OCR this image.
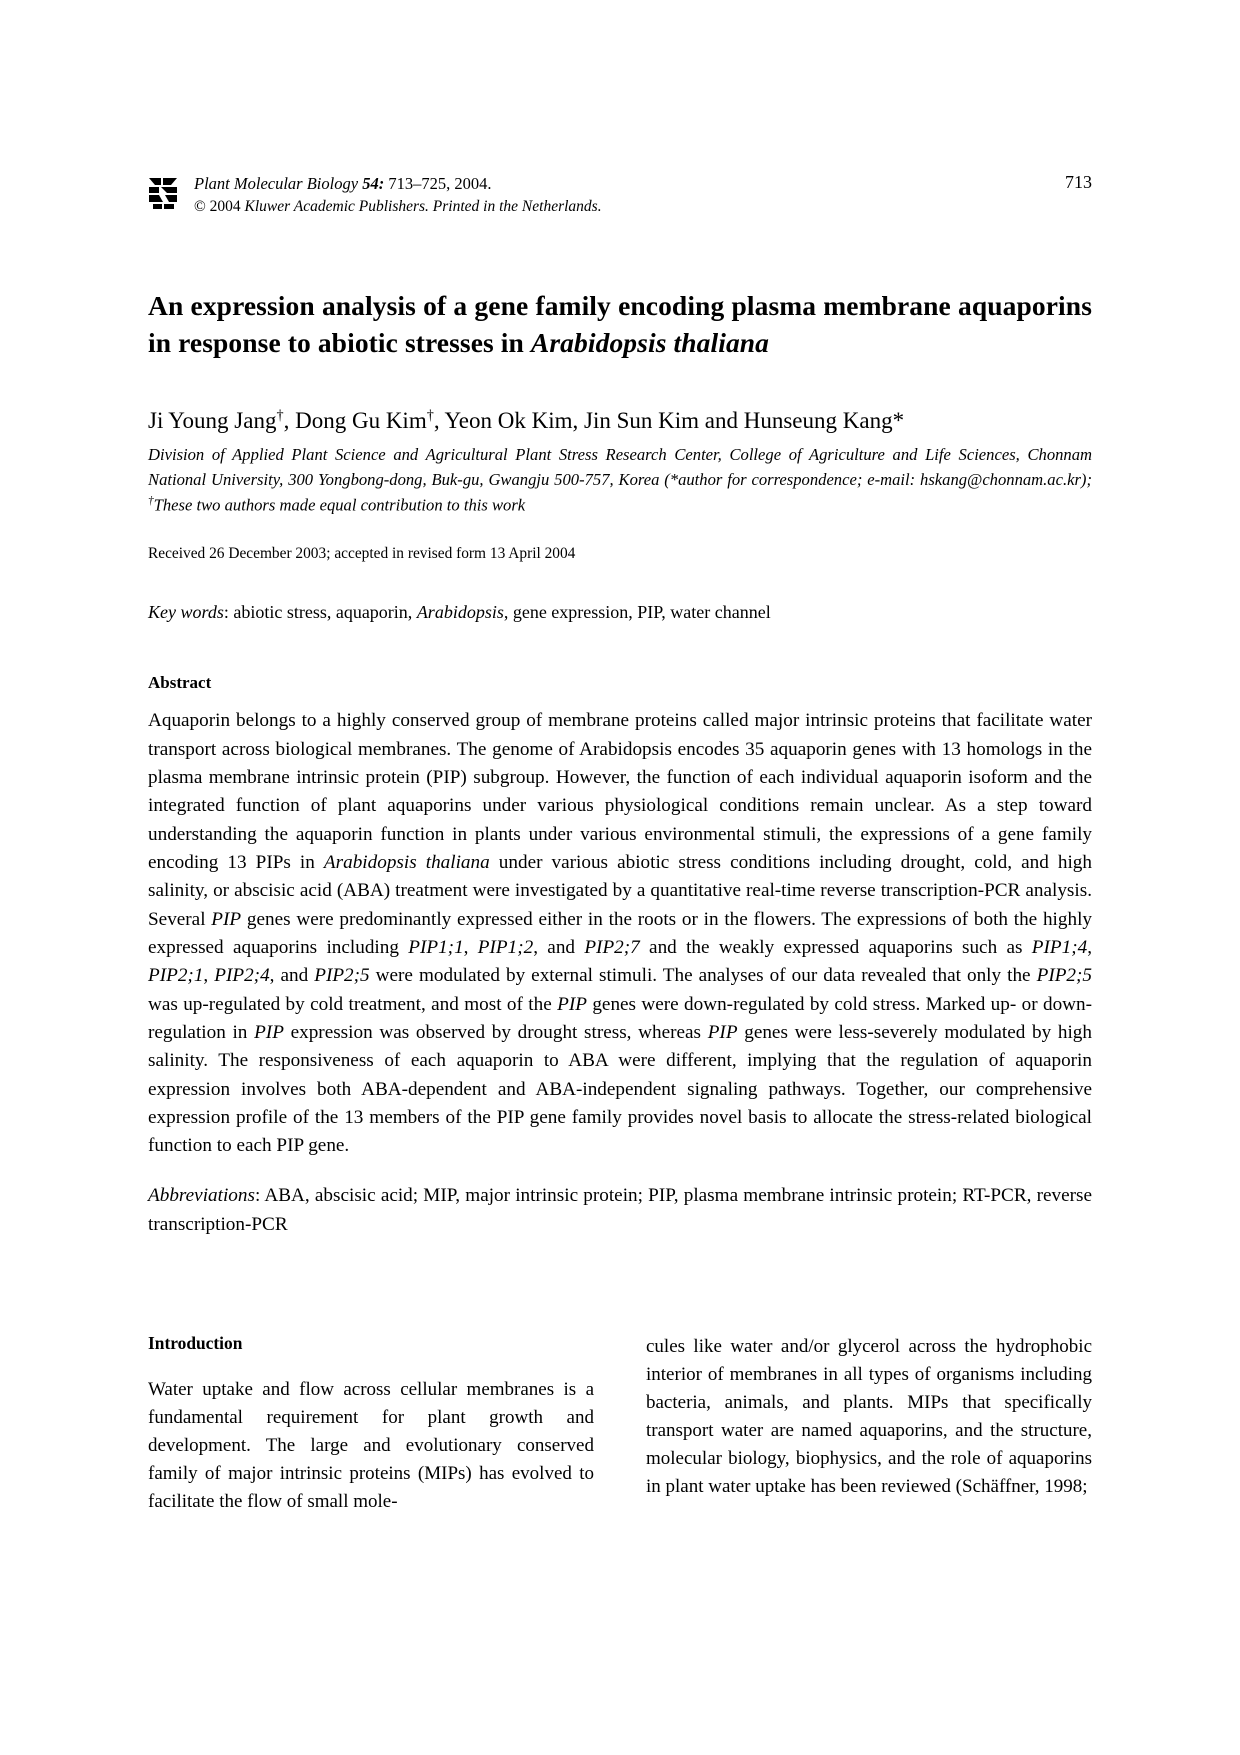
Plant Molecular Biology 54: 713–725, 2004.
© 2004 Kluwer Academic Publishers. Printed in the Netherlands.
713
An expression analysis of a gene family encoding plasma membrane aquaporins in response to abiotic stresses in Arabidopsis thaliana
Ji Young Jang†, Dong Gu Kim†, Yeon Ok Kim, Jin Sun Kim and Hunseung Kang*
Division of Applied Plant Science and Agricultural Plant Stress Research Center, College of Agriculture and Life Sciences, Chonnam National University, 300 Yongbong-dong, Buk-gu, Gwangju 500-757, Korea (*author for correspondence; e-mail: hskang@chonnam.ac.kr); †These two authors made equal contribution to this work
Received 26 December 2003; accepted in revised form 13 April 2004
Key words: abiotic stress, aquaporin, Arabidopsis, gene expression, PIP, water channel
Abstract
Aquaporin belongs to a highly conserved group of membrane proteins called major intrinsic proteins that facilitate water transport across biological membranes. The genome of Arabidopsis encodes 35 aquaporin genes with 13 homologs in the plasma membrane intrinsic protein (PIP) subgroup. However, the function of each individual aquaporin isoform and the integrated function of plant aquaporins under various physiological conditions remain unclear. As a step toward understanding the aquaporin function in plants under various environmental stimuli, the expressions of a gene family encoding 13 PIPs in Arabidopsis thaliana under various abiotic stress conditions including drought, cold, and high salinity, or abscisic acid (ABA) treatment were investigated by a quantitative real-time reverse transcription-PCR analysis. Several PIP genes were predominantly expressed either in the roots or in the flowers. The expressions of both the highly expressed aquaporins including PIP1;1, PIP1;2, and PIP2;7 and the weakly expressed aquaporins such as PIP1;4, PIP2;1, PIP2;4, and PIP2;5 were modulated by external stimuli. The analyses of our data revealed that only the PIP2;5 was up-regulated by cold treatment, and most of the PIP genes were down-regulated by cold stress. Marked up- or down-regulation in PIP expression was observed by drought stress, whereas PIP genes were less-severely modulated by high salinity. The responsiveness of each aquaporin to ABA were different, implying that the regulation of aquaporin expression involves both ABA-dependent and ABA-independent signaling pathways. Together, our comprehensive expression profile of the 13 members of the PIP gene family provides novel basis to allocate the stress-related biological function to each PIP gene.
Abbreviations: ABA, abscisic acid; MIP, major intrinsic protein; PIP, plasma membrane intrinsic protein; RT-PCR, reverse transcription-PCR
Introduction
Water uptake and flow across cellular membranes is a fundamental requirement for plant growth and development. The large and evolutionary conserved family of major intrinsic proteins (MIPs) has evolved to facilitate the flow of small mole-
cules like water and/or glycerol across the hydrophobic interior of membranes in all types of organisms including bacteria, animals, and plants. MIPs that specifically transport water are named aquaporins, and the structure, molecular biology, biophysics, and the role of aquaporins in plant water uptake has been reviewed (Schäffner, 1998;
